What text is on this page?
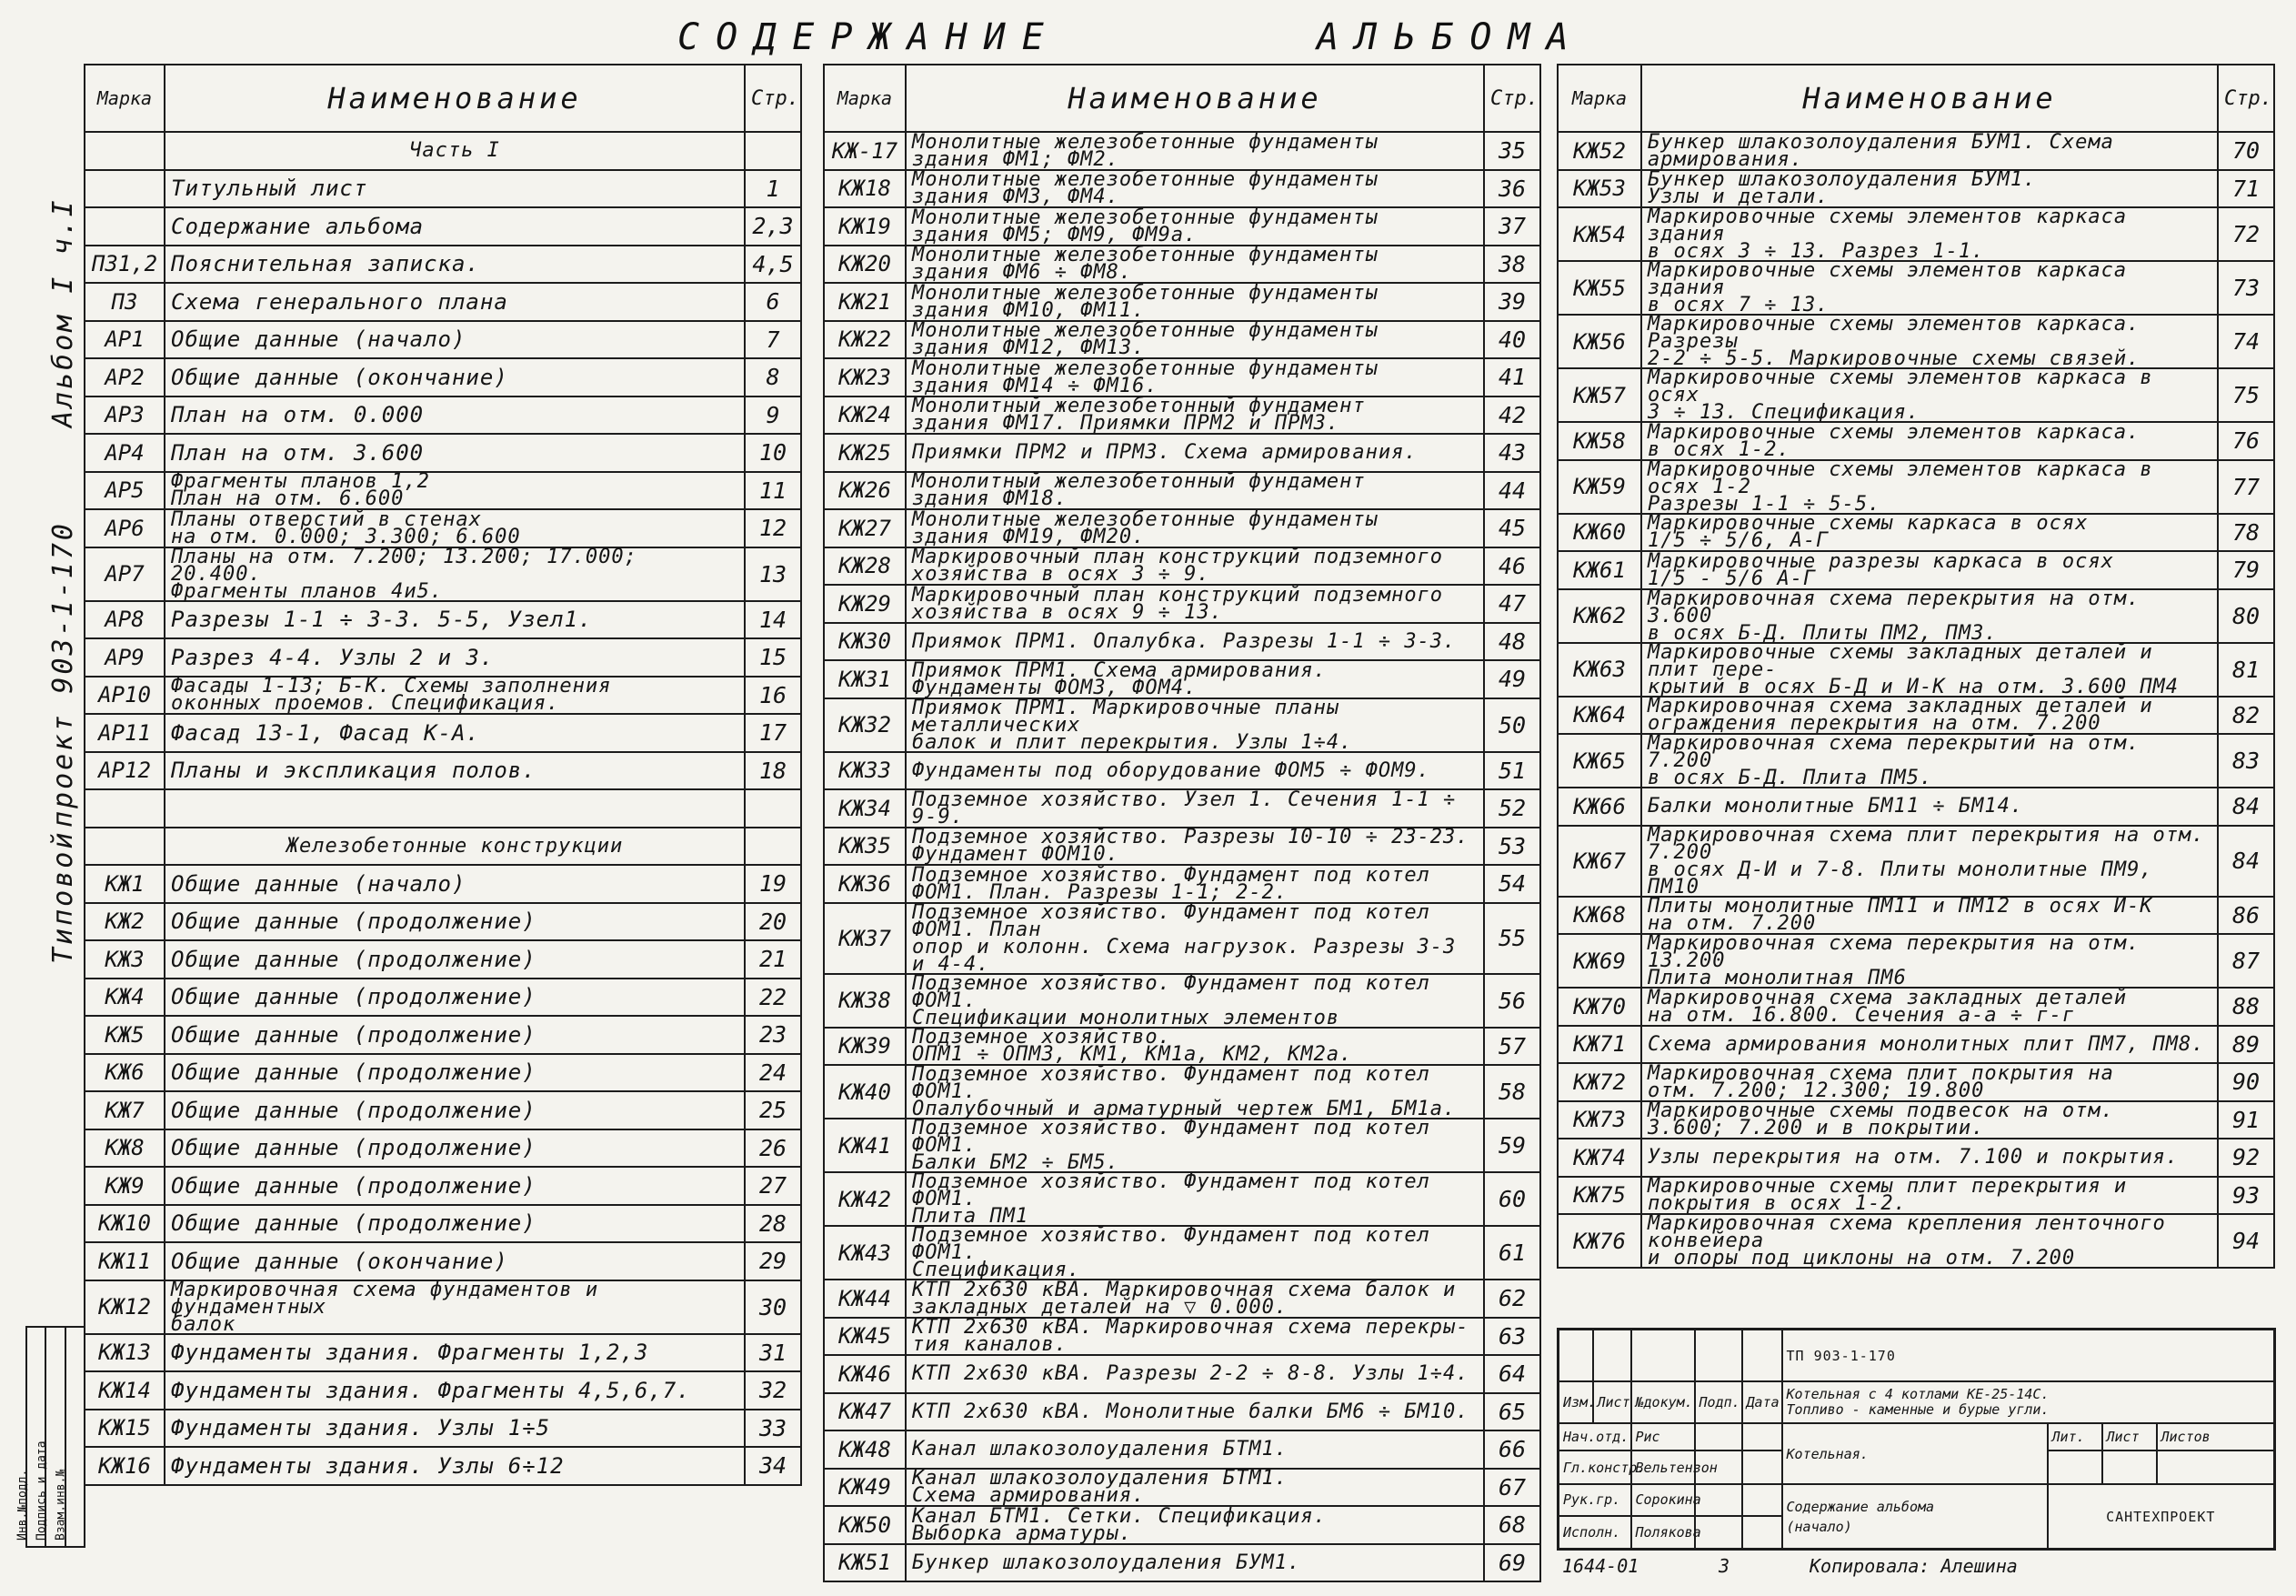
СОДЕРЖАНИЕ	АЛЬБОМА
Альбом I ч.I
проект 903-1-170
Типовой
Марка	Наименование	Стр.
	Часть I	
	Титульный лист	1
	Содержание альбома	2,3
ПЗ1,2	Пояснительная записка.	4,5
ПЗ	Схема генерального плана	6
АР1	Общие данные (начало)	7
АР2	Общие данные (окончание)	8
АР3	План на отм. 0.000	9
АР4	План на отм. 3.600	10
АР5	Фрагменты планов 1,2
План на отм. 6.600	11
АР6	Планы отверстий в стенах
на отм. 0.000; 3.300; 6.600	12
АР7	Планы на отм. 7.200; 13.200; 17.000; 20.400.
Фрагменты планов 4и5.	13
АР8	Разрезы 1-1 ÷ 3-3. 5-5, Узел1.	14
АР9	Разрез 4-4. Узлы 2 и 3.	15
АР10	Фасады 1-13; Б-К. Схемы заполнения
оконных проемов. Спецификация.	16
АР11	Фасад 13-1, Фасад К-А.	17
АР12	Планы и экспликация полов.	18

	Железобетонные конструкции	
КЖ1	Общие данные (начало)	19
КЖ2	Общие данные (продолжение)	20
КЖ3	Общие данные (продолжение)	21
КЖ4	Общие данные (продолжение)	22
КЖ5	Общие данные (продолжение)	23
КЖ6	Общие данные (продолжение)	24
КЖ7	Общие данные (продолжение)	25
КЖ8	Общие данные (продолжение)	26
КЖ9	Общие данные (продолжение)	27
КЖ10	Общие данные (продолжение)	28
КЖ11	Общие данные (окончание)	29
КЖ12	Маркировочная схема фундаментов и фундаментных
балок	30
КЖ13	Фундаменты здания. Фрагменты 1,2,3	31
КЖ14	Фундаменты здания. Фрагменты 4,5,6,7.	32
КЖ15	Фундаменты здания. Узлы 1÷5	33
КЖ16	Фундаменты здания. Узлы 6÷12	34
Марка	Наименование	Стр.
КЖ-17	Монолитные железобетонные фундаменты
здания ФМ1; ФМ2.	35
КЖ18	Монолитные железобетонные фундаменты
здания ФМ3, ФМ4.	36
КЖ19	Монолитные железобетонные фундаменты
здания ФМ5; ФМ9, ФМ9а.	37
КЖ20	Монолитные железобетонные фундаменты
здания ФМ6 ÷ ФМ8.	38
КЖ21	Монолитные железобетонные фундаменты
здания ФМ10, ФМ11.	39
КЖ22	Монолитные железобетонные фундаменты
здания ФМ12, ФМ13.	40
КЖ23	Монолитные железобетонные фундаменты
здания ФМ14 ÷ ФМ16.	41
КЖ24	Монолитный железобетонный фундамент
здания ФМ17. Приямки ПРМ2 и ПРМ3.	42
КЖ25	Приямки ПРМ2 и ПРМ3. Схема армирования.	43
КЖ26	Монолитный железобетонный фундамент
здания ФМ18.	44
КЖ27	Монолитные железобетонные фундаменты
здания ФМ19, ФМ20.	45
КЖ28	Маркировочный план конструкций подземного
хозяйства в осях 3 ÷ 9.	46
КЖ29	Маркировочный план конструкций подземного
хозяйства в осях 9 ÷ 13.	47
КЖ30	Приямок ПРМ1. Опалубка. Разрезы 1-1 ÷ 3-3.	48
КЖ31	Приямок ПРМ1. Схема армирования.
Фундаменты ФОМ3, ФОМ4.	49
КЖ32	Приямок ПРМ1. Маркировочные планы металлических
балок и плит перекрытия. Узлы 1÷4.	50
КЖ33	Фундаменты под оборудование ФОМ5 ÷ ФОМ9.	51
КЖ34	Подземное хозяйство. Узел 1. Сечения 1-1 ÷ 9-9.	52
КЖ35	Подземное хозяйство. Разрезы 10-10 ÷ 23-23.
Фундамент ФОМ10.	53
КЖ36	Подземное хозяйство. Фундамент под котел
ФОМ1. План. Разрезы 1-1; 2-2.	54
КЖ37	Подземное хозяйство. Фундамент под котел ФОМ1. План
опор и колонн. Схема нагрузок. Разрезы 3-3 и 4-4.	55
КЖ38	Подземное хозяйство. Фундамент под котел ФОМ1.
Спецификации монолитных элементов	56
КЖ39	Подземное хозяйство.
ОПМ1 ÷ ОПМ3, КМ1, КМ1а, КМ2, КМ2а.	57
КЖ40	Подземное хозяйство. Фундамент под котел ФОМ1.
Опалубочный и арматурный чертеж БМ1, БМ1а.	58
КЖ41	Подземное хозяйство. Фундамент под котел ФОМ1.
Балки БМ2 ÷ БМ5.	59
КЖ42	Подземное хозяйство. Фундамент под котел ФОМ1.
Плита ПМ1	60
КЖ43	Подземное хозяйство. Фундамент под котел ФОМ1.
Спецификация.	61
КЖ44	КТП 2х630 кВА. Маркировочная схема балок и
закладных деталей на ▽ 0.000.	62
КЖ45	КТП 2х630 кВА. Маркировочная схема перекры-
тия каналов.	63
КЖ46	КТП 2х630 кВА. Разрезы 2-2 ÷ 8-8. Узлы 1÷4.	64
КЖ47	КТП 2х630 кВА. Монолитные балки БМ6 ÷ БМ10.	65
КЖ48	Канал шлакозолоудаления БТМ1.	66
КЖ49	Канал шлакозолоудаления БТМ1.
Схема армирования.	67
КЖ50	Канал БТМ1. Сетки. Спецификация.
Выборка арматуры.	68
КЖ51	Бункер шлакозолоудаления БУМ1.	69
Марка	Наименование	Стр.
КЖ52	Бункер шлакозолоудаления БУМ1. Схема
армирования.	70
КЖ53	Бункер шлакозолоудаления БУМ1.
Узлы и детали.	71
КЖ54	Маркировочные схемы элементов каркаса здания
в осях 3 ÷ 13. Разрез 1-1.	72
КЖ55	Маркировочные схемы элементов каркаса здания
в осях 7 ÷ 13.	73
КЖ56	Маркировочные схемы элементов каркаса. Разрезы
2-2 ÷ 5-5. Маркировочные схемы связей.	74
КЖ57	Маркировочные схемы элементов каркаса в осях
3 ÷ 13. Спецификация.	75
КЖ58	Маркировочные схемы элементов каркаса.
в осях 1-2.	76
КЖ59	Маркировочные схемы элементов каркаса в осях 1-2
Разрезы 1-1 ÷ 5-5.	77
КЖ60	Маркировочные схемы каркаса в осях
1/5 ÷ 5/6, А-Г	78
КЖ61	Маркировочные разрезы каркаса в осях
1/5 - 5/6 А-Г	79
КЖ62	Маркировочная схема перекрытия на отм. 3.600
в осях Б-Д. Плиты ПМ2, ПМ3.	80
КЖ63	Маркировочные схемы закладных деталей и плит пере-
крытий в осях Б-Д и И-К на отм. 3.600 ПМ4	81
КЖ64	Маркировочная схема закладных деталей и
ограждения перекрытия на отм. 7.200	82
КЖ65	Маркировочная схема перекрытий на отм. 7.200
в осях Б-Д. Плита ПМ5.	83
КЖ66	Балки монолитные БМ11 ÷ БМ14.	84
КЖ67	Маркировочная схема плит перекрытия на отм. 7.200
в осях Д-И и 7-8. Плиты монолитные ПМ9, ПМ10	84
КЖ68	Плиты монолитные ПМ11 и ПМ12 в осях И-К
на отм. 7.200	86
КЖ69	Маркировочная схема перекрытия на отм. 13.200
Плита монолитная ПМ6	87
КЖ70	Маркировочная схема закладных деталей
на отм. 16.800. Сечения а-а ÷ г-г	88
КЖ71	Схема армирования монолитных плит ПМ7, ПМ8.	89
КЖ72	Маркировочная схема плит покрытия на
отм. 7.200; 12.300; 19.800	90
КЖ73	Маркировочные схемы подвесок на отм.
3.600; 7.200 и в покрытии.	91
КЖ74	Узлы перекрытия на отм. 7.100 и покрытия.	92
КЖ75	Маркировочные схемы плит перекрытия и
покрытия в осях 1-2.	93
КЖ76	Маркировочная схема крепления ленточного конвейера
и опоры под циклоны на отм. 7.200	94
					ТП 903-1-170			
Изм.	Лист	№докум.	Подп.	Дата	Котельная с 4 котлами КЕ-25-14С.
Топливо - каменные и бурые угли.			
Нач.отд.		Рис			Котельная.	Лит.	Лист	Листов
Гл.констр.		Вельтензон						
Рук.гр.		Сорокина			Содержание альбома
(начало)	САНТЕХПРОЕКТ		
Исполн.		Полякова						
Инв.№подл. Подпись и дата Взам.инв.№
1644-01	3	Копировала: Алешина
